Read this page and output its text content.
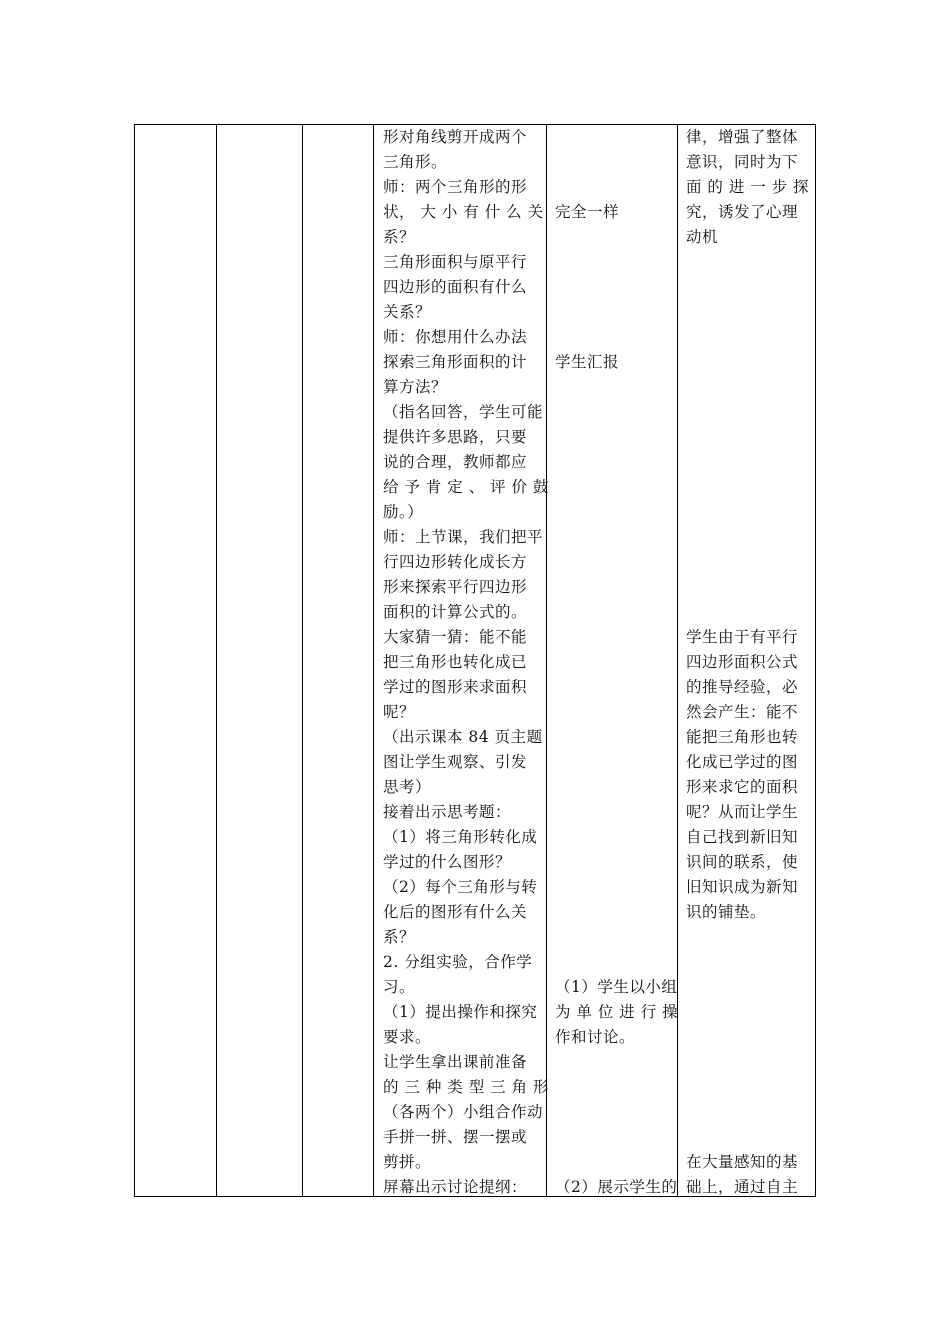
形对角线剪开成两个
三角形。
师：两个三角形的形
状， 大 小 有 什 么 关
系？
三角形面积与原平行
四边形的面积有什么
关系？
师：你想用什么办法
探索三角形面积的计
算方法？
（指名回答，学生可能
提供许多思路，只要
说的合理，教师都应
给 予 肯 定 、 评 价 鼓
励。）
师：上节课，我们把平
行四边形转化成长方
形来探索平行四边形
面积的计算公式的。
大家猜一猜：能不能
把三角形也转化成已
学过的图形来求面积
呢？
（出示课本 84 页主题
图让学生观察、引发
思考）
接着出示思考题：
（1）将三角形转化成
学过的什么图形？
（2）每个三角形与转
化后的图形有什么关
系？
2. 分组实验，合作学
习。
（1）提出操作和探究
要求。
让学生拿出课前准备
的 三 种 类 型 三 角 形
（各两个）小组合作动
手拼一拼、摆一摆或
剪拼。
屏幕出示讨论提纲：
完全一样
学生汇报
（1）学生以小组
为 单 位 进 行 操
作和讨论。
（2）展示学生的
律，增强了整体
意识，同时为下
面 的 进 一 步 探
究，诱发了心理
动机
学生由于有平行
四边形面积公式
的推导经验，必
然会产生：能不
能把三角形也转
化成已学过的图
形来求它的面积
呢？从而让学生
自己找到新旧知
识间的联系，使
旧知识成为新知
识的铺垫。
在大量感知的基
础上，通过自主
